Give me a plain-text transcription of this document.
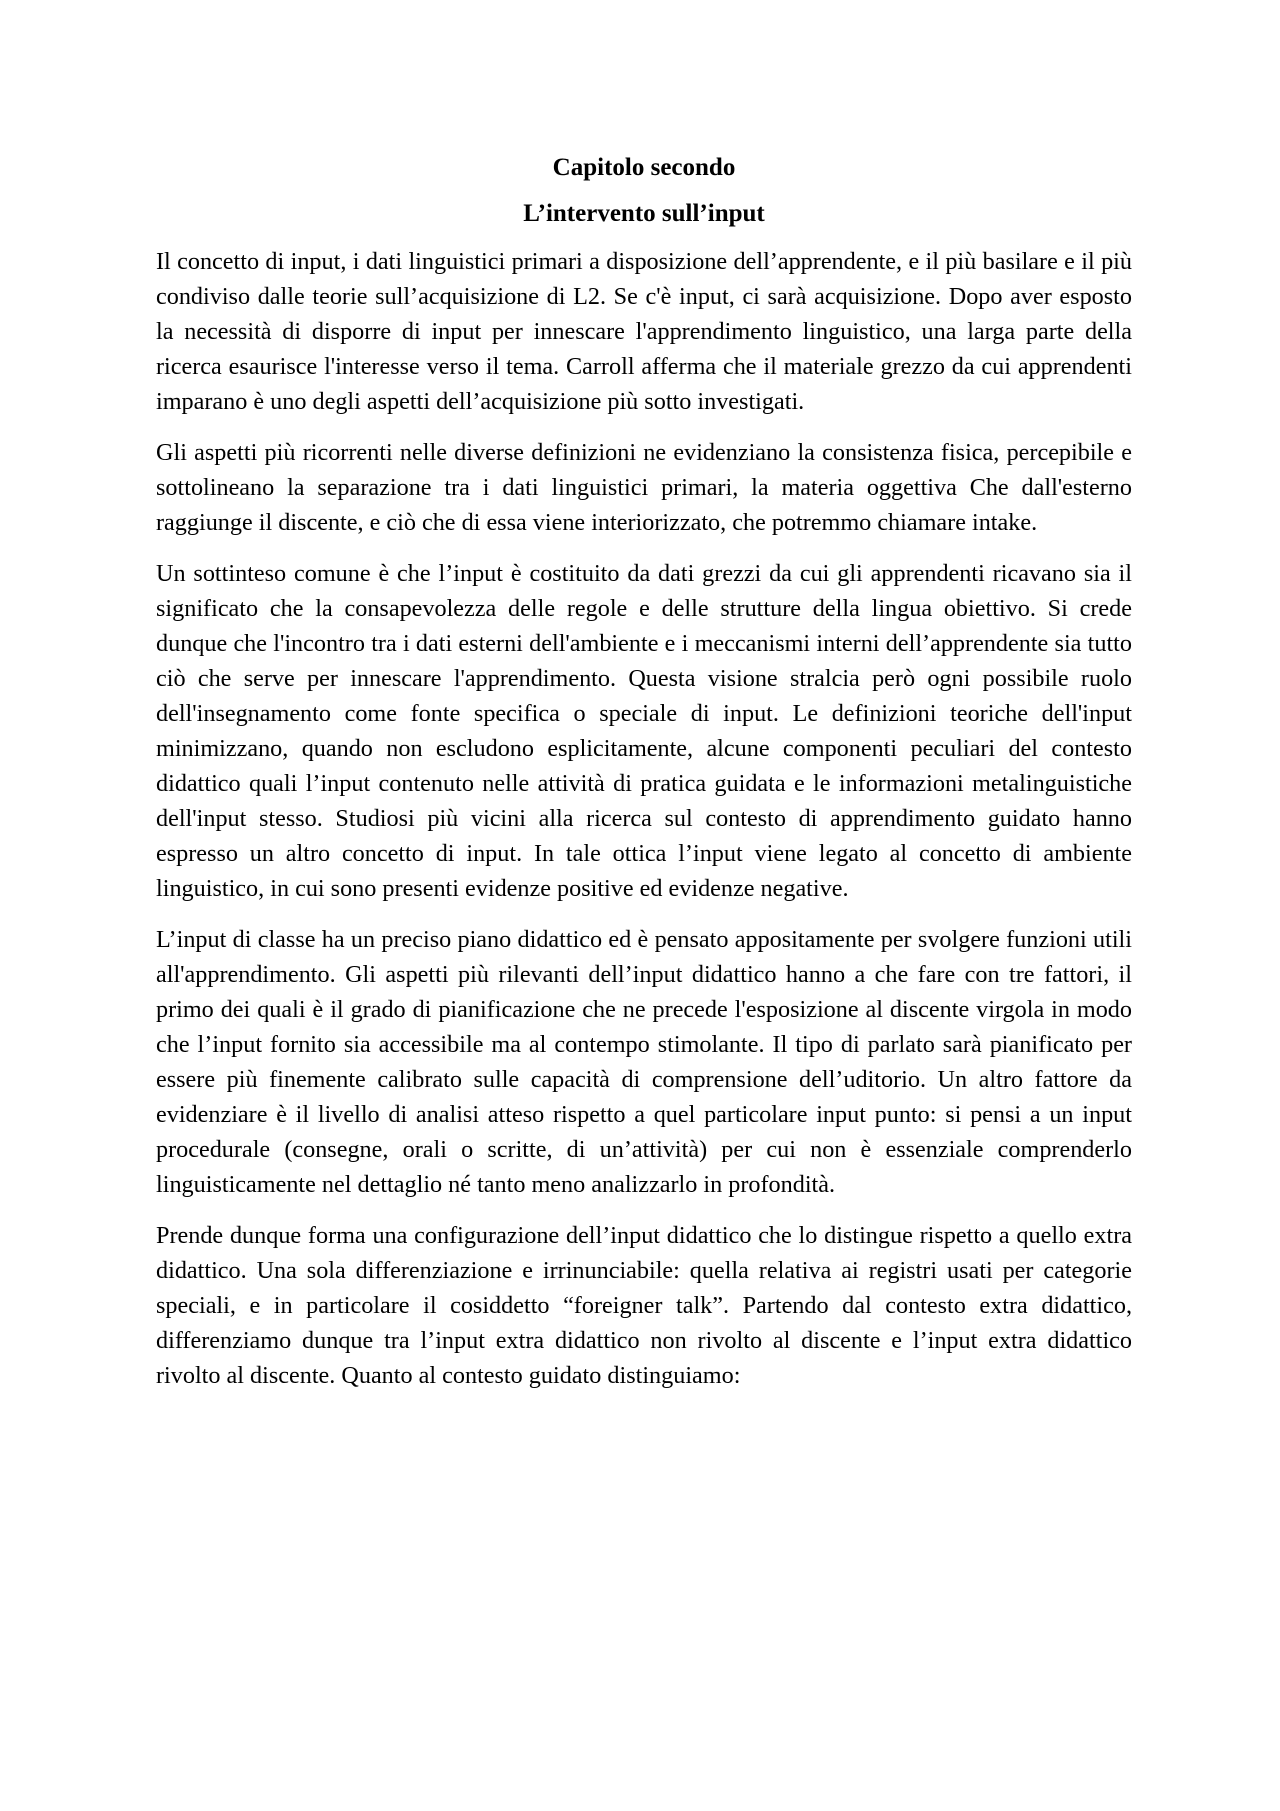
Capitolo secondo
L’intervento sull’input

Il concetto di input, i dati linguistici primari a disposizione dell’apprendente, e il più basilare e il più condiviso dalle teorie sull’acquisizione di L2. Se c'è input, ci sarà acquisizione. Dopo aver esposto la necessità di disporre di input per innescare l'apprendimento linguistico, una larga parte della ricerca esaurisce l'interesse verso il tema. Carroll afferma che il materiale grezzo da cui apprendenti imparano è uno degli aspetti dell’acquisizione più sotto investigati.

Gli aspetti più ricorrenti nelle diverse definizioni ne evidenziano la consistenza fisica, percepibile e sottolineano la separazione tra i dati linguistici primari, la materia oggettiva Che dall'esterno raggiunge il discente, e ciò che di essa viene interiorizzato, che potremmo chiamare intake.

Un sottinteso comune è che l’input è costituito da dati grezzi da cui gli apprendenti ricavano sia il significato che la consapevolezza delle regole e delle strutture della lingua obiettivo. Si crede dunque che l'incontro tra i dati esterni dell'ambiente e i meccanismi interni dell’apprendente sia tutto ciò che serve per innescare l'apprendimento. Questa visione stralcia però ogni possibile ruolo dell'insegnamento come fonte specifica o speciale di input. Le definizioni teoriche dell'input minimizzano, quando non escludono esplicitamente, alcune componenti peculiari del contesto didattico quali l’input contenuto nelle attività di pratica guidata e le informazioni metalinguistiche dell'input stesso. Studiosi più vicini alla ricerca sul contesto di apprendimento guidato hanno espresso un altro concetto di input. In tale ottica l’input viene legato al concetto di ambiente linguistico, in cui sono presenti evidenze positive ed evidenze negative.

L’input di classe ha un preciso piano didattico ed è pensato appositamente per svolgere funzioni utili all'apprendimento. Gli aspetti più rilevanti dell’input didattico hanno a che fare con tre fattori, il primo dei quali è il grado di pianificazione che ne precede l'esposizione al discente virgola in modo che l’input fornito sia accessibile ma al contempo stimolante. Il tipo di parlato sarà pianificato per essere più finemente calibrato sulle capacità di comprensione dell’uditorio. Un altro fattore da evidenziare è il livello di analisi atteso rispetto a quel particolare input punto: si pensi a un input procedurale (consegne, orali o scritte, di un’attività) per cui non è essenziale comprenderlo linguisticamente nel dettaglio né tanto meno analizzarlo in profondità.

Prende dunque forma una configurazione dell’input didattico che lo distingue rispetto a quello extra didattico. Una sola differenziazione e irrinunciabile: quella relativa ai registri usati per categorie speciali, e in particolare il cosiddetto “foreigner talk”. Partendo dal contesto extra didattico, differenziamo dunque tra l’input extra didattico non rivolto al discente e l’input extra didattico rivolto al discente. Quanto al contesto guidato distinguiamo:
